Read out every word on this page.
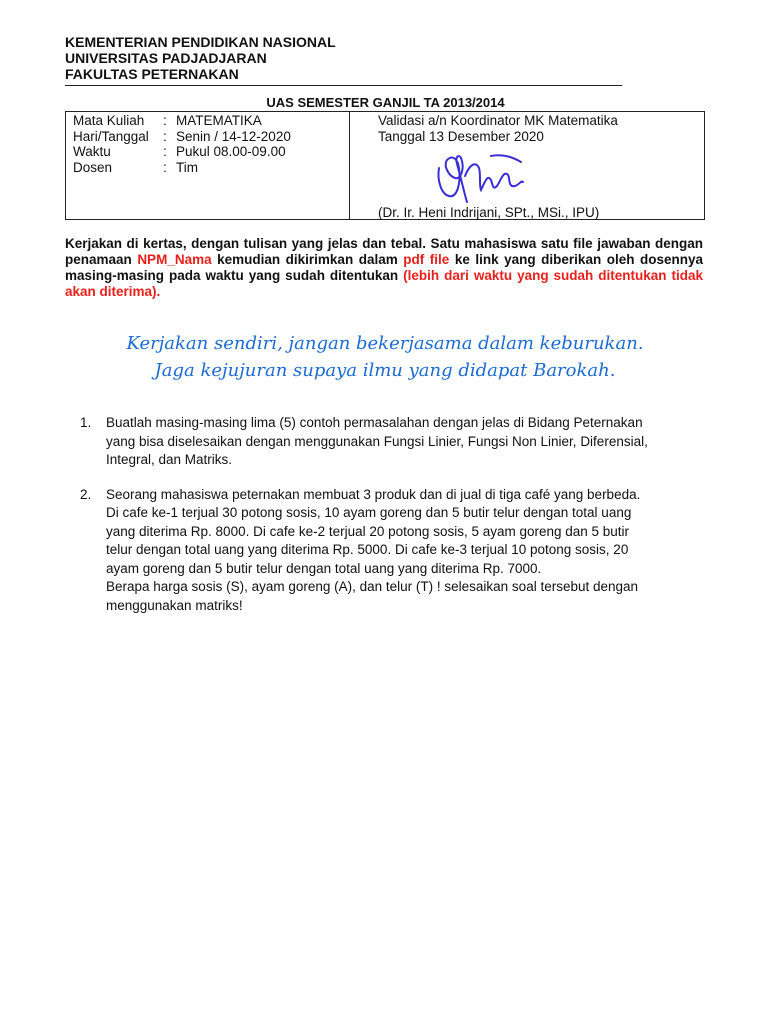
KEMENTERIAN PENDIDIKAN NASIONAL
UNIVERSITAS PADJADJARAN
FAKULTAS PETERNAKAN
UAS SEMESTER GANJIL TA 2013/2014
Mata Kuliah : MATEMATIKA
Hari/Tanggal : Senin / 14-12-2020
Waktu	: Pukul 08.00-09.00
Dosen	: Tim
Validasi a/n Koordinator MK Matematika
Tanggal 13 Desember 2020
(Dr. Ir. Heni Indrijani, SPt., MSi., IPU)
Kerjakan di kertas, dengan tulisan yang jelas dan tebal. Satu mahasiswa satu file jawaban dengan penamaan NPM_Nama kemudian dikirimkan dalam pdf file ke link yang diberikan oleh dosennya masing-masing pada waktu yang sudah ditentukan (lebih dari waktu yang sudah ditentukan tidak akan diterima).
Kerjakan sendiri, jangan bekerjasama dalam keburukan.
Jaga kejujuran supaya ilmu yang didapat Barokah.
1. Buatlah masing-masing lima (5) contoh permasalahan dengan jelas di Bidang Peternakan
yang bisa diselesaikan dengan menggunakan Fungsi Linier, Fungsi Non Linier, Diferensial,
Integral, dan Matriks.
2. Seorang mahasiswa peternakan membuat 3 produk dan di jual di tiga café yang berbeda.
Di cafe ke-1 terjual 30 potong sosis, 10 ayam goreng dan 5 butir telur dengan total uang
yang diterima Rp. 8000. Di cafe ke-2 terjual 20 potong sosis, 5 ayam goreng dan 5 butir
telur dengan total uang yang diterima Rp. 5000. Di cafe ke-3 terjual 10 potong sosis, 20
ayam goreng dan 5 butir telur dengan total uang yang diterima Rp. 7000.
Berapa harga sosis (S), ayam goreng (A), dan telur (T) ! selesaikan soal tersebut dengan
menggunakan matriks!
